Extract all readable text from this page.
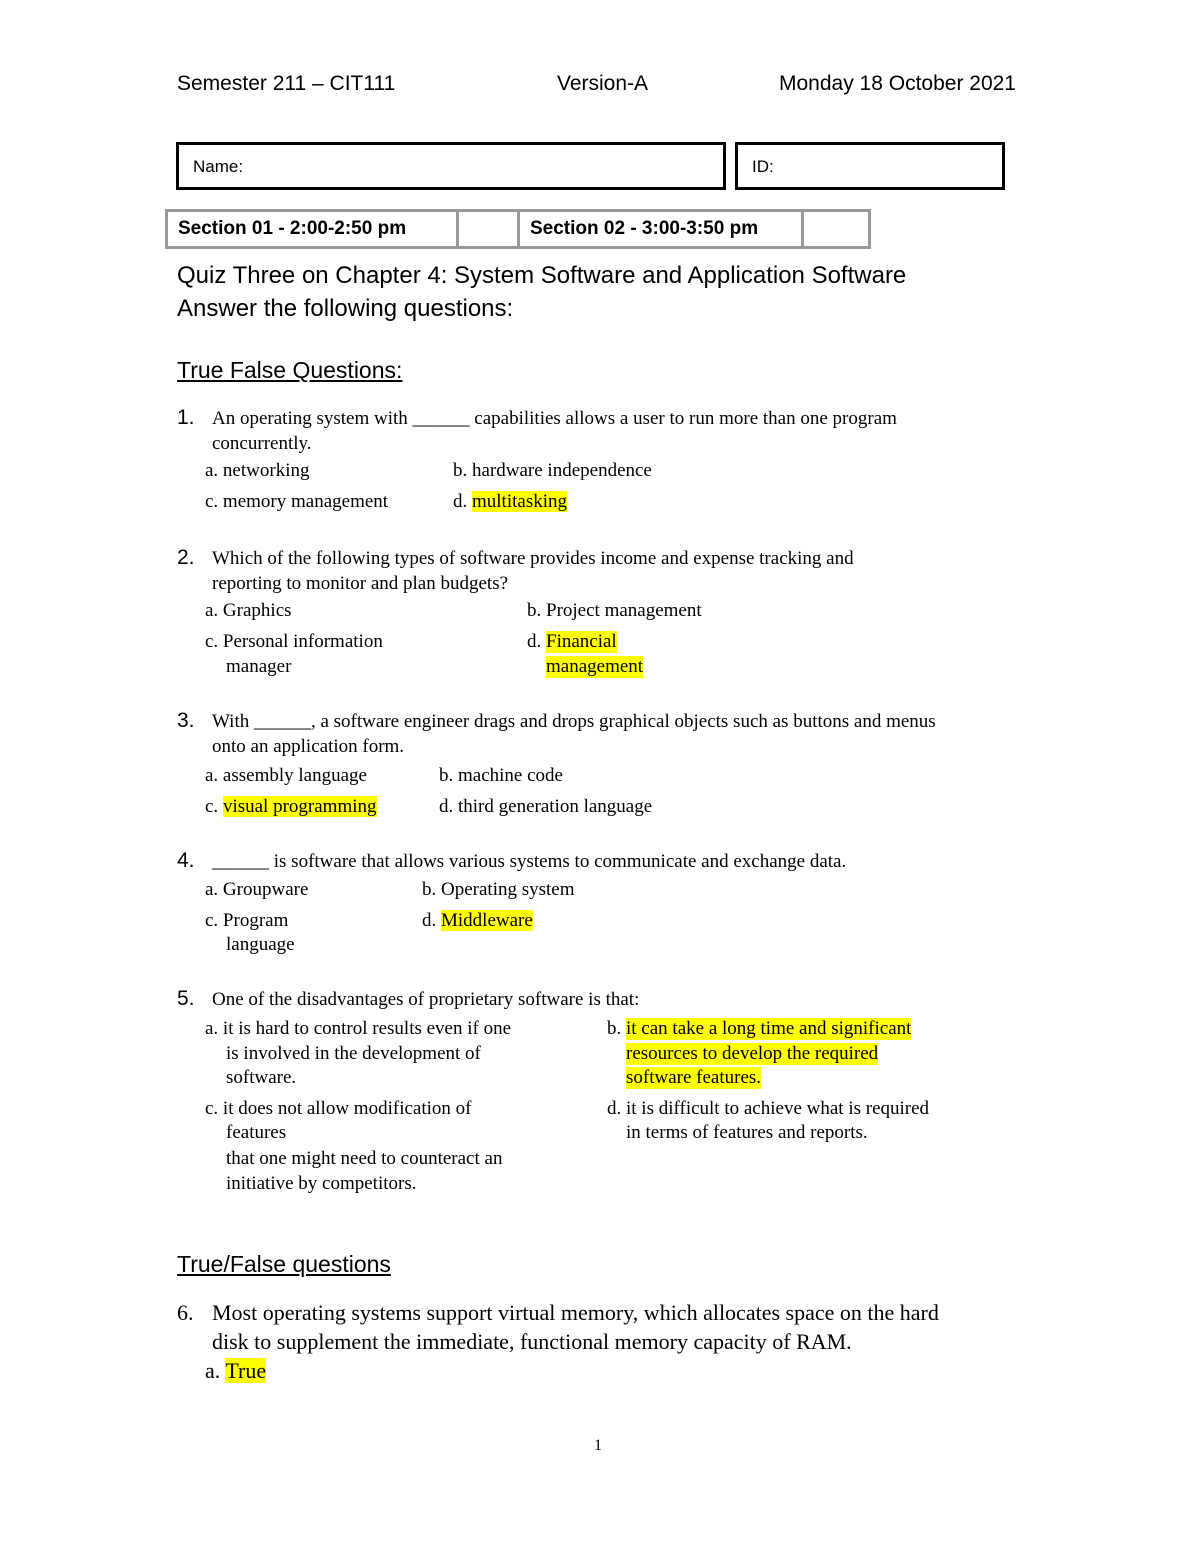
Semester 211 – CIT111	Version-A	Monday 18 October 2021
Name:	ID:
Section 01 - 2:00-2:50 pm	Section 02 - 3:00-3:50 pm
Quiz Three on Chapter 4: System Software and Application Software
Answer the following questions:
True False Questions:
1. An operating system with ______ capabilities allows a user to run more than one program
concurrently.
a. networking	b. hardware independence
c. memory management	d. multitasking
2. Which of the following types of software provides income and expense tracking and
reporting to monitor and plan budgets?
a. Graphics	b. Project management
c. Personal information
manager
d. Financial
management
3. With ______, a software engineer drags and drops graphical objects such as buttons and menus
onto an application form.
a. assembly language	b. machine code
c. visual programming	d. third generation language
4. ______ is software that allows various systems to communicate and exchange data.
a. Groupware	b. Operating system
c. Program
language
d. Middleware
5. One of the disadvantages of proprietary software is that:
a. it is hard to control results even if one
is involved in the development of
software.
b. it can take a long time and significant
resources to develop the required
software features.
c. it does not allow modification of
features
that one might need to counteract an
initiative by competitors.
d. it is difficult to achieve what is required
in terms of features and reports.
True/False questions
6. Most operating systems support virtual memory, which allocates space on the hard
disk to supplement the immediate, functional memory capacity of RAM.
a. True
1
